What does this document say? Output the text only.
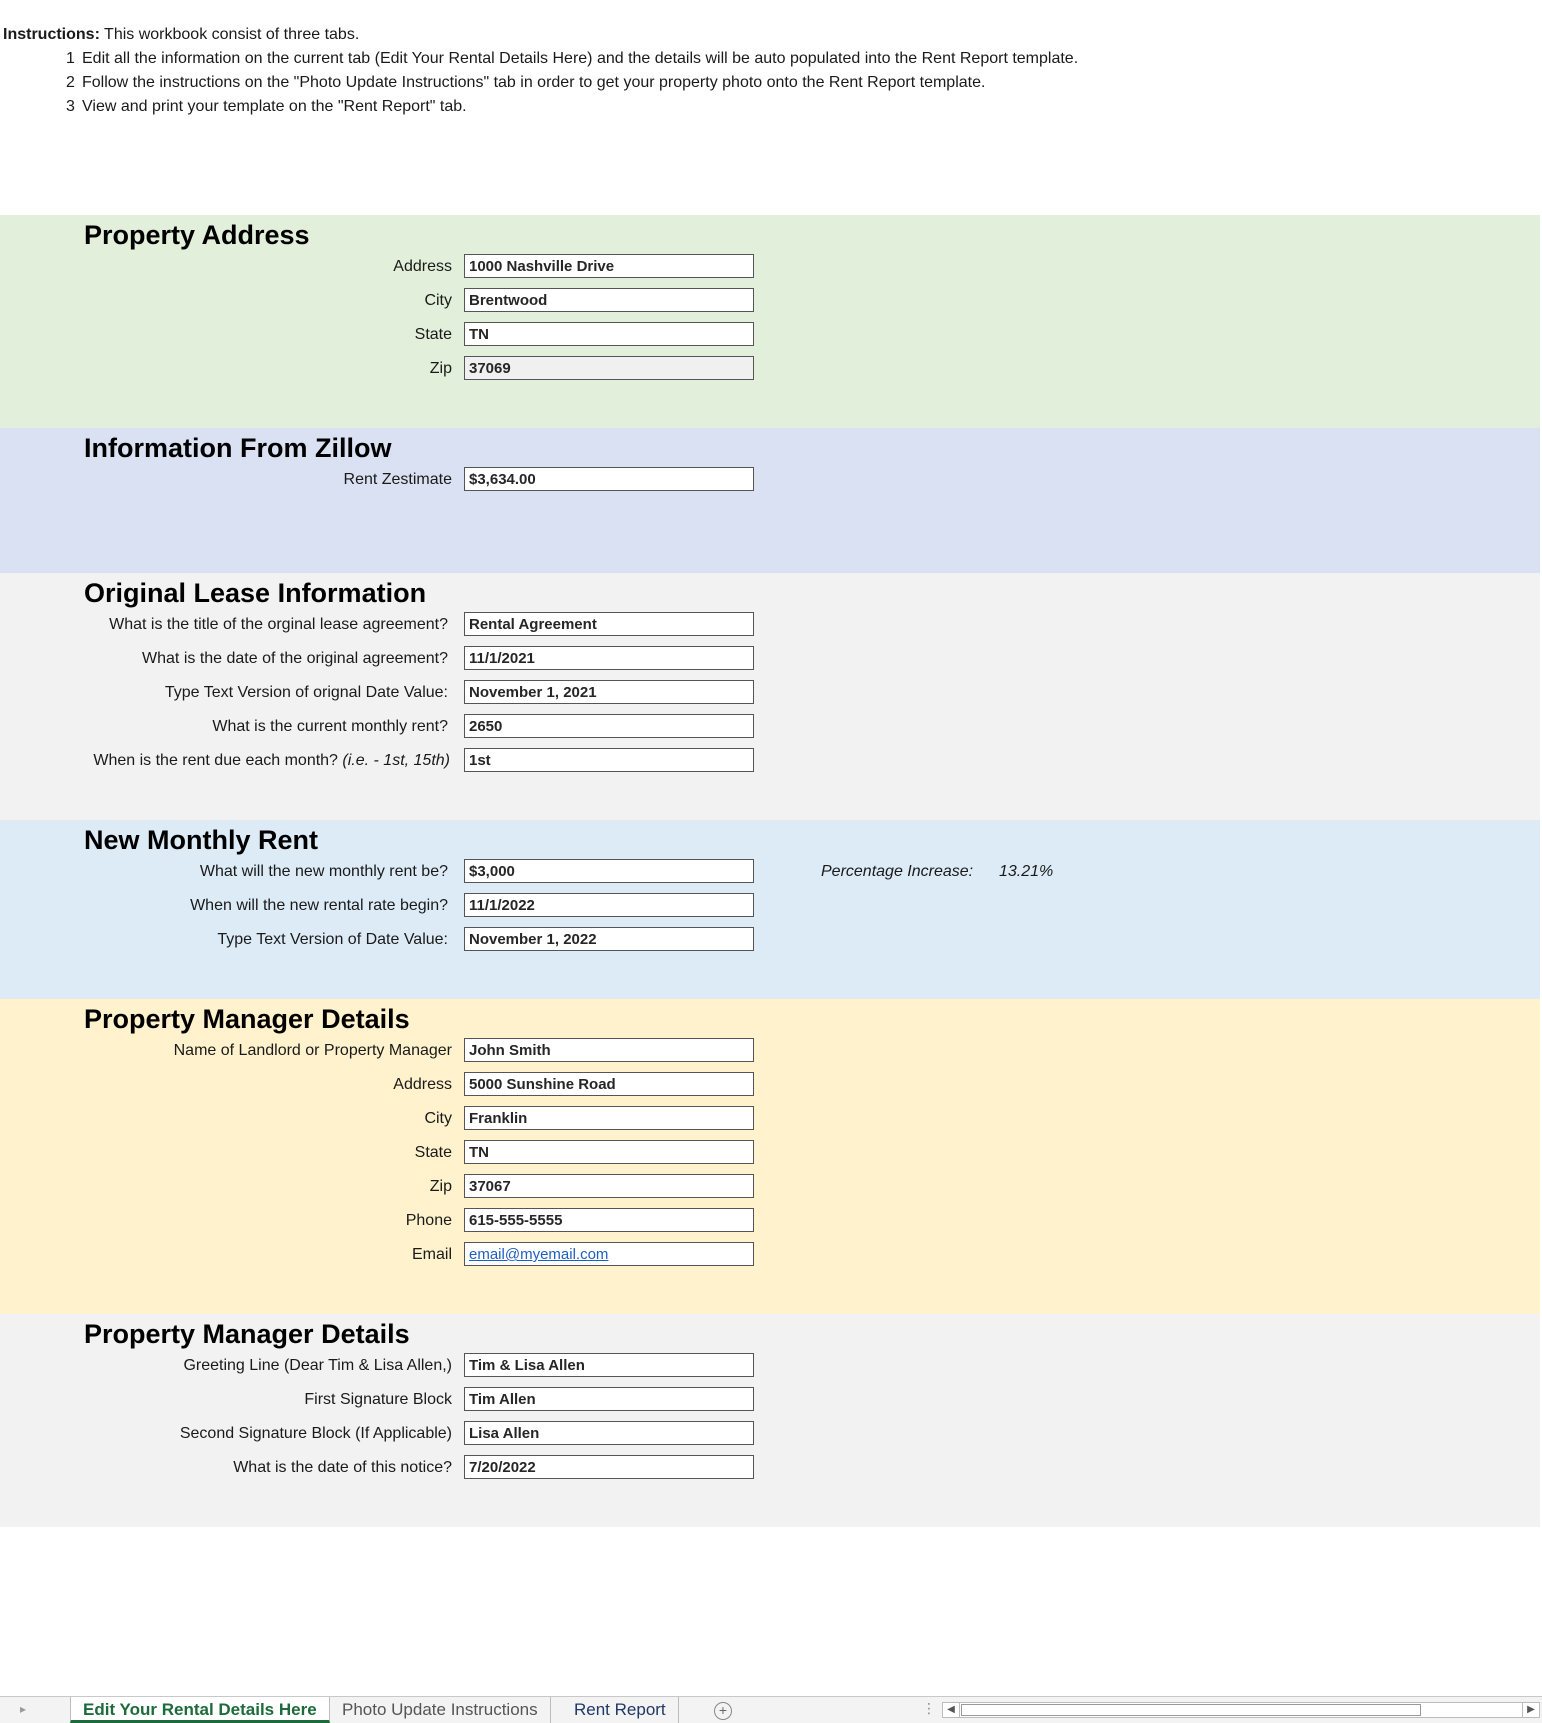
Instructions: This workbook consist of three tabs.
1 Edit all the information on the current tab (Edit Your Rental Details Here) and the details will be auto populated into the Rent Report template.
2 Follow the instructions on the "Photo Update Instructions" tab in order to get your property photo onto the Rent Report template.
3 View and print your template on the "Rent Report" tab.
Property Address
Address	1000 Nashville Drive
City	Brentwood
State	TN
Zip	37069
Information From Zillow
Rent Zestimate	$3,634.00
Original Lease Information
What is the title of the orginal lease agreement?	Rental Agreement
What is the date of the original agreement?	11/1/2021
Type Text Version of orignal Date Value:	November 1, 2021
What is the current monthly rent?	2650
When is the rent due each month? (i.e. - 1st, 15th)	1st
New Monthly Rent
What will the new monthly rent be?	$3,000	Percentage Increase: 13.21%
When will the new rental rate begin?	11/1/2022
Type Text Version of Date Value:	November 1, 2022
Property Manager Details
Name of Landlord or Property Manager	John Smith
Address	5000 Sunshine Road
City	Franklin
State	TN
Zip	37067
Phone	615-555-5555
Email	email@myemail.com
Property Manager Details
Greeting Line (Dear Tim & Lisa Allen,)	Tim & Lisa Allen
First Signature Block	Tim Allen
Second Signature Block (If Applicable)	Lisa Allen
What is the date of this notice?	7/20/2022
▸	Edit Your Rental Details Here	Photo Update Instructions	Rent Report	+	⋮	◀	▶
